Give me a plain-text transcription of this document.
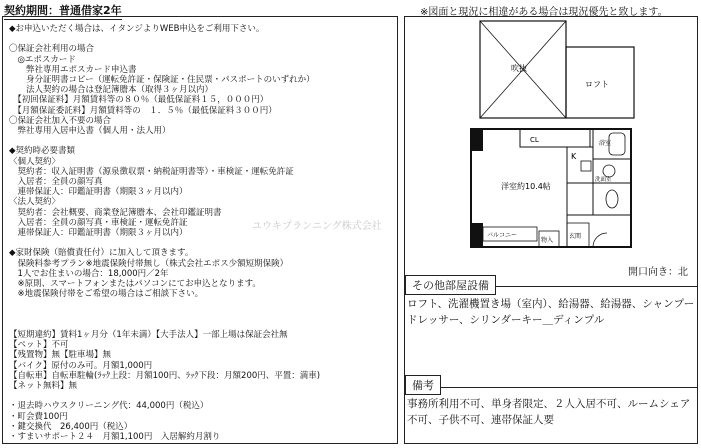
契約期間：普通借家2年	※図面と現況に相違がある場合は現況優先と致します。
◆お申込いただく場合は、イタンジよりWEB申込をご利用下さい。
〇保証会社利用の場合
　◎エポスカード
　　弊社専用エポスカード申込書
　　身分証明書コピー（運転免許証・保険証・住民票・パスポートのいずれか）
　　法人契約の場合は登記簿謄本（取得３ヶ月以内）
　【初回保証料】月額賃料等の８０％（最低保証料１５，０００円）
　【月額保証委託料】月額賃料等の　１．５％（最低保証料３００円）
〇保証会社加入不要の場合
　弊社専用入居申込書（個人用・法人用）
◆契約時必要書類
〈個人契約〉
　契約者：収入証明書（源泉徴収票・納税証明書等）・車検証・運転免許証
　入居者：全員の顔写真
　連帯保証人：印鑑証明書（期限３ヶ月以内）
〈法人契約〉
　契約者：会社概要、商業登記簿謄本、会社印鑑証明書
　入居者：全員の顔写真・車検証・運転免許証
　連帯保証人：印鑑証明書（期限３ヶ月以内）
◆家財保険（賠償責任付）に加入して頂きます。
　保険料参考プラン※地震保険付帯無し（株式会社エポス少額短期保険）
　1人でお住まいの場合：18,000円／2年
　※原則、スマートフォンまたはパソコンにてお申込となります。
　※地震保険付帯をご希望の場合はご相談下さい。
【短期違約】賃料1ヶ月分（1年未満）【大手法人】一部上場は保証会社無
【ペット】不可
【残置物】無【駐車場】無
【バイク】原付のみ可。月額1,000円
【自転車】自転車駐輪(ﾗｯｸ上段：月額100円、ﾗｯｸ下段：月額200円、平置：満車)
【ネット無料】無
・退去時ハウスクリーニング代：44,000円（税込）
・町会費100円
・鍵交換代　26,400円（税込）
・すまいサポート２４　月額1,100円　入居解約月割り
ユウキプランニング株式会社
吹抜
ロフト
CL	浴室
洗面室
K
洋室約10.4帖
バルコニー
物入
玄関
開口向き：北
その他部屋設備
ロフト、洗濯機置き場（室内）、給湯器、給湯器、シャンプードレッサー、シリンダーキー＿ディンプル
備考
事務所利用不可、単身者限定、２人入居不可、ルームシェア不可、子供不可、連帯保証人要
